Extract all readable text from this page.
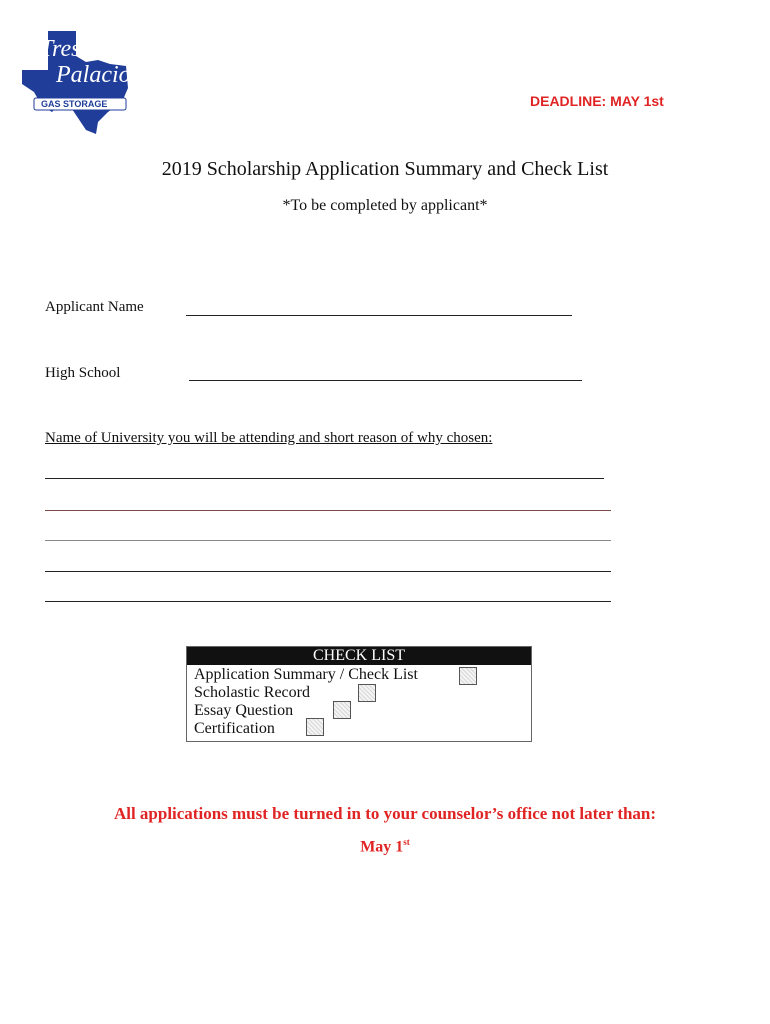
Tres
Palacios
GAS STORAGE	DEADLINE: MAY 1st
2019 Scholarship Application Summary and Check List
*To be completed by applicant*
Applicant Name
High School
Name of University you will be attending and short reason of why chosen:
CHECK LIST
Application Summary / Check List
Scholastic Record
Essay Question
Certification
All applications must be turned in to your counselor’s office not later than:
May 1st
